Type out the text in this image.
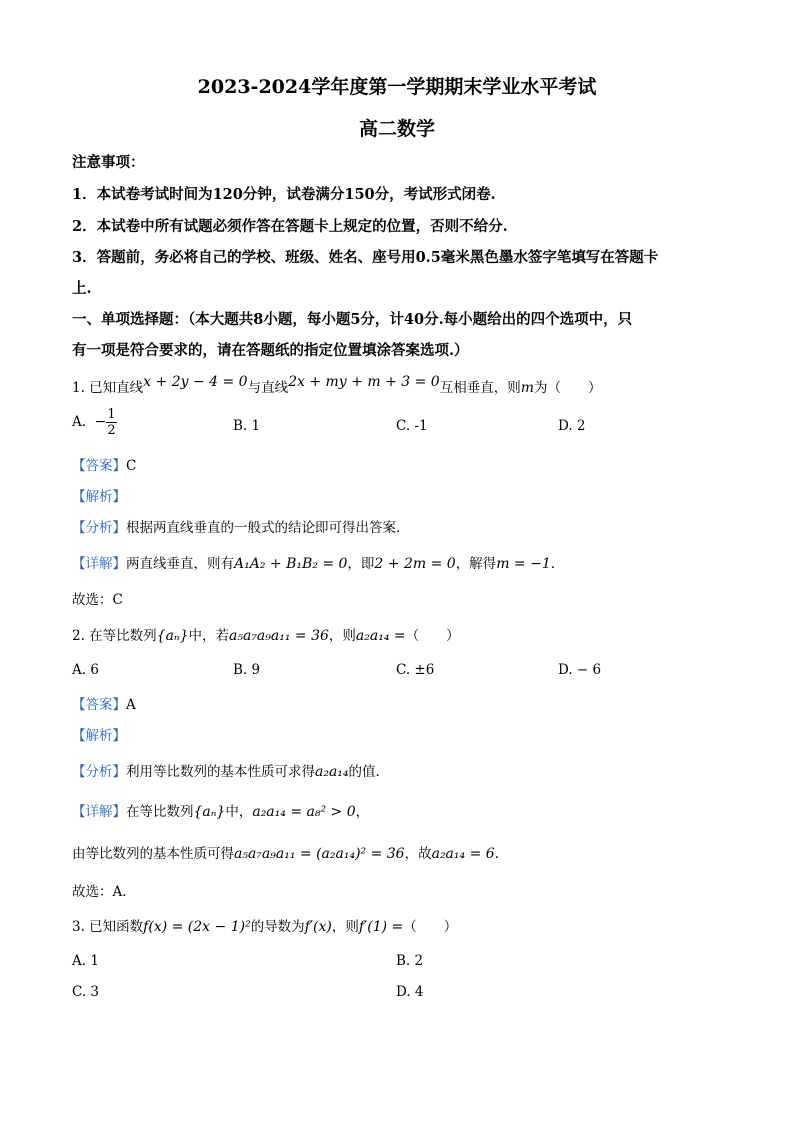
2023-2024学年度第一学期期末学业水平考试
高二数学
注意事项：
1．本试卷考试时间为120分钟，试卷满分150分，考试形式闭卷.
2．本试卷中所有试题必须作答在答题卡上规定的位置，否则不给分.
3．答题前，务必将自己的学校、班级、姓名、座号用0.5毫米黑色墨水签字笔填写在答题卡
上.
一、单项选择题：（本大题共8小题，每小题5分，计40分.每小题给出的四个选项中，只
有一项是符合要求的，请在答题纸的指定位置填涂答案选项.）
1. 已知直线x + 2y − 4 = 0与直线2x + my + m + 3 = 0互相垂直，则m为（　　）
A. − $\frac{1}{2}$	B. 1	C. -1	D. 2
【答案】C
【解析】
【分析】根据两直线垂直的一般式的结论即可得出答案.
【详解】两直线垂直，则有A₁A₂ + B₁B₂ = 0，即2 + 2m = 0，解得m = −1.
故选：C
2. 在等比数列{aₙ}中，若a₅a₇a₉a₁₁ = 36，则a₂a₁₄ =（　　）
A. 6	B. 9	C. ±6	D. − 6
【答案】A
【解析】
【分析】利用等比数列的基本性质可求得a₂a₁₄的值.
【详解】在等比数列{aₙ}中，a₂a₁₄ = a₈² > 0，
由等比数列的基本性质可得a₅a₇a₉a₁₁ = (a₂a₁₄)² = 36，故a₂a₁₄ = 6.
故选：A.
3. 已知函数f(x) = (2x − 1)²的导数为f′(x)，则f′(1) =（　　）
A. 1	B. 2
C. 3	D. 4
